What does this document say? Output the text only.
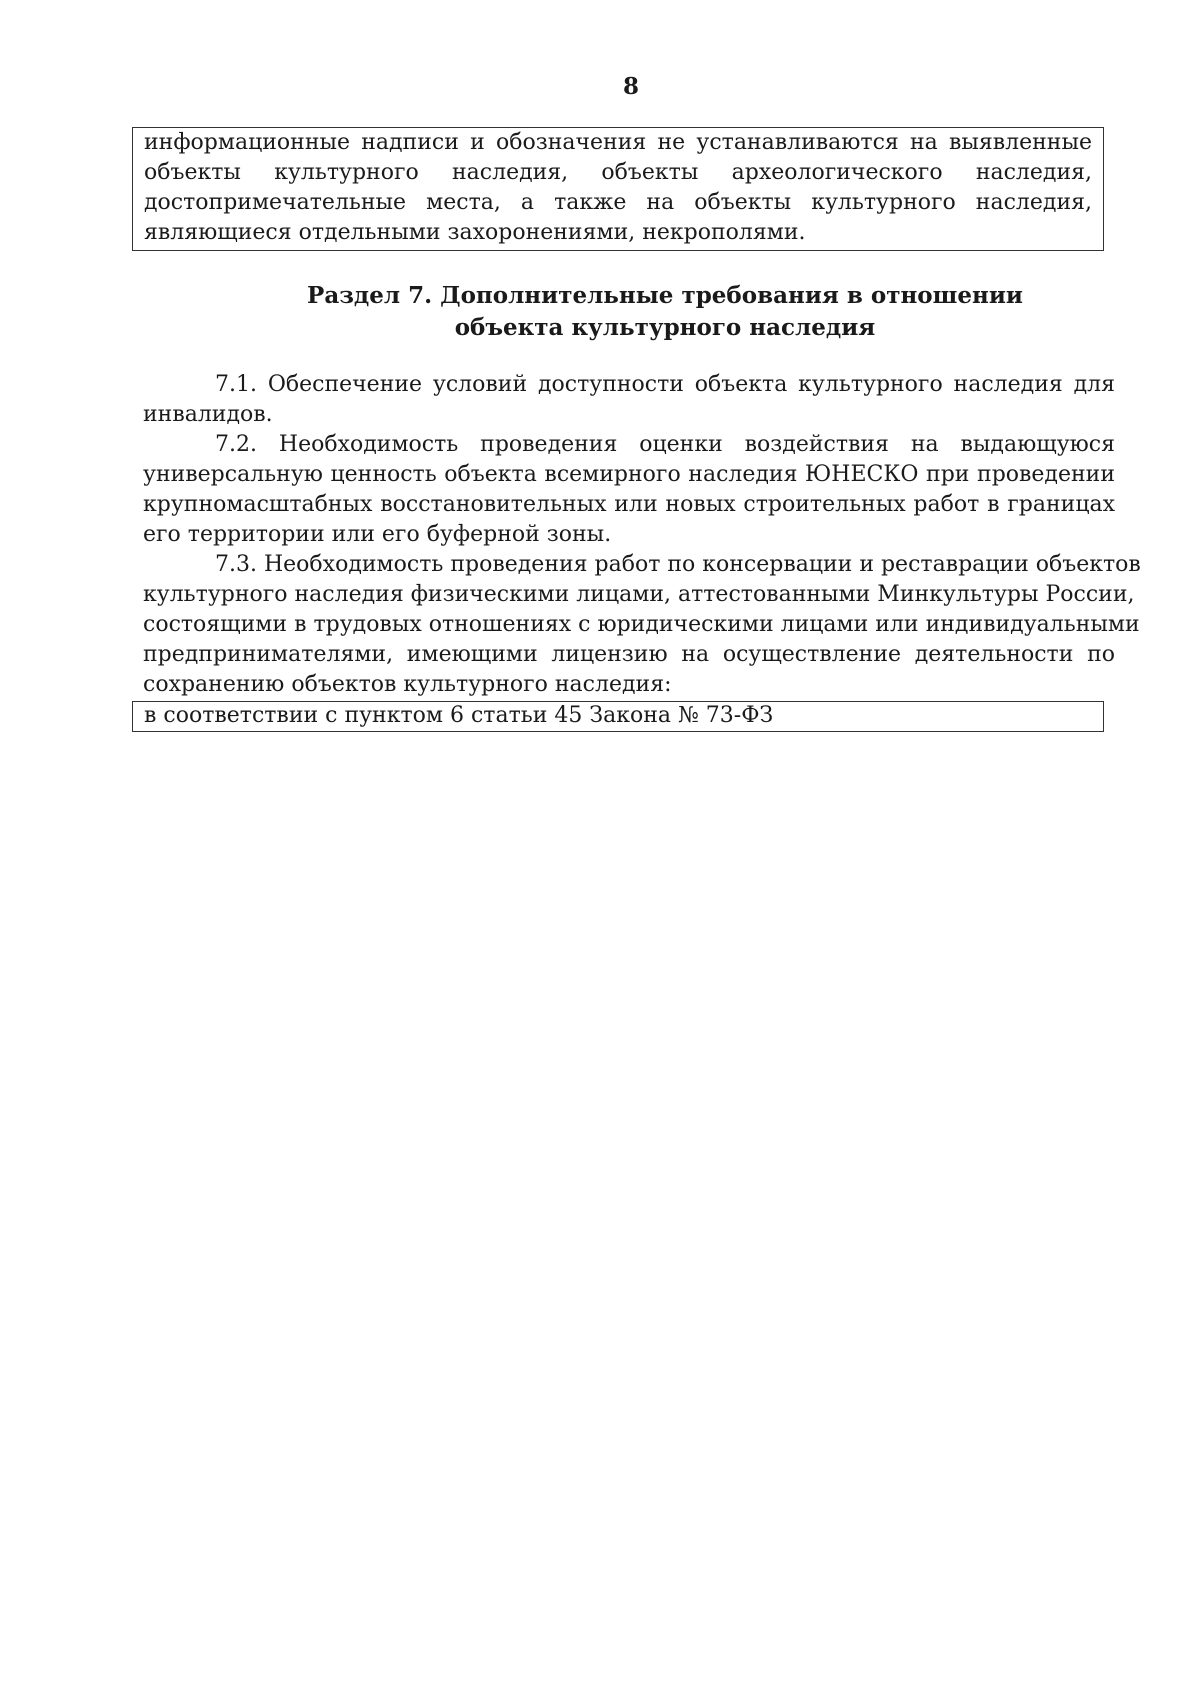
8
информационные надписи и обозначения не устанавливаются на выявленные
объекты культурного наследия, объекты археологического наследия,
достопримечательные места, а также на объекты культурного наследия,
являющиеся отдельными захоронениями, некрополями.
Раздел 7. Дополнительные требования в отношении
объекта культурного наследия
7.1. Обеспечение условий доступности объекта культурного наследия для
инвалидов.
7.2. Необходимость проведения оценки воздействия на выдающуюся
универсальную ценность объекта всемирного наследия ЮНЕСКО при проведении
крупномасштабных восстановительных или новых строительных работ в границах
его территории или его буферной зоны.
7.3. Необходимость проведения работ по консервации и реставрации объектов
культурного наследия физическими лицами, аттестованными Минкультуры России,
состоящими в трудовых отношениях с юридическими лицами или индивидуальными
предпринимателями, имеющими лицензию на осуществление деятельности по
сохранению объектов культурного наследия:
в соответствии с пунктом 6 статьи 45 Закона № 73-ФЗ
